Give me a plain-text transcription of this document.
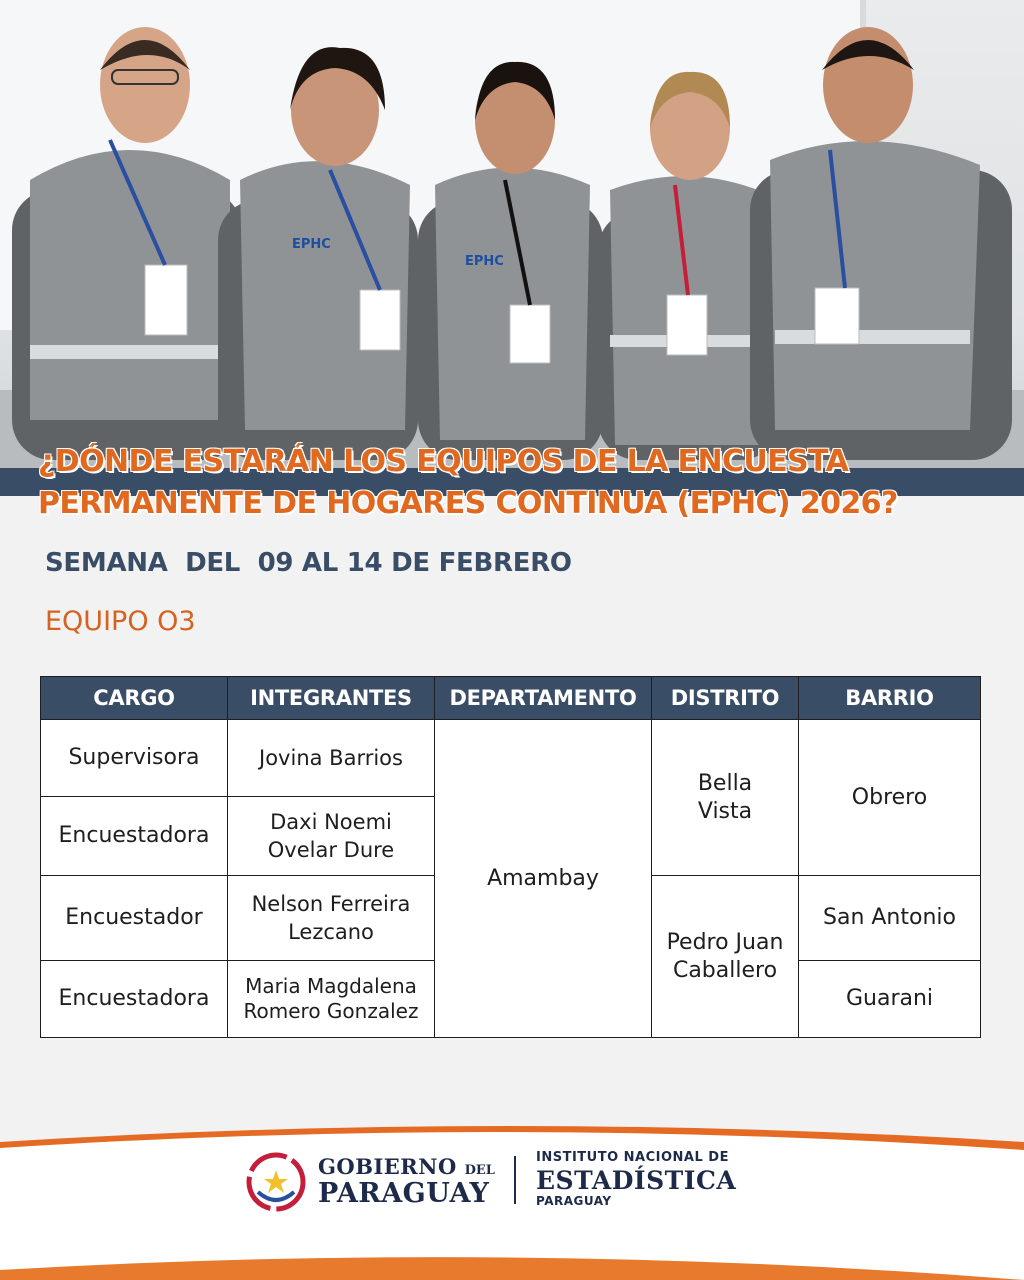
EPHC
EPHC
¿DÓNDE ESTARÁN LOS EQUIPOS DE LA ENCUESTA
PERMANENTE DE HOGARES CONTINUA (EPHC) 2026?
SEMANA  DEL  09 AL 14 DE FEBRERO
EQUIPO O3
CARGO	INTEGRANTES	DEPARTAMENTO	DISTRITO	BARRIO
Supervisora	Jovina Barrios	Amambay	Bella Vista	Obrero
Encuestadora	Daxi Noemi Ovelar Dure			
Encuestador	Nelson Ferreira Lezcano		Pedro Juan Caballero	San Antonio
Encuestadora	Maria Magdalena Romero Gonzalez			Guarani
GOBIERNO DEL
PARAGUAY
INSTITUTO NACIONAL DE
ESTADÍSTICA
PARAGUAY
